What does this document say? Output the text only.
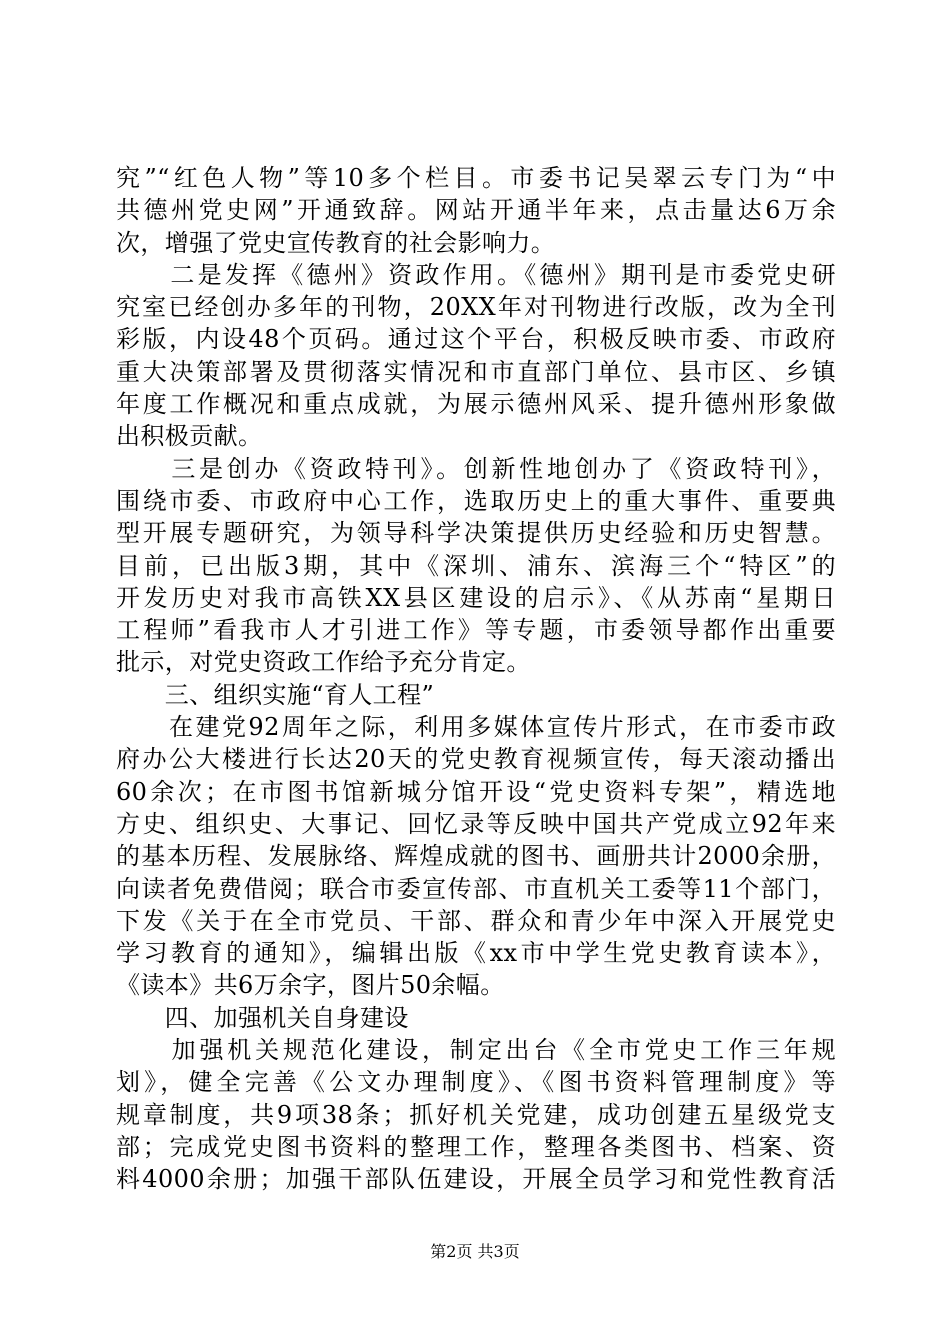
究”“红色人物”等10多个栏目。市委书记吴翠云专门为“中
共德州党史网”开通致辞。网站开通半年来，点击量达6万余
次，增强了党史宣传教育的社会影响力。
　　二是发挥《德州》资政作用。《德州》期刊是市委党史研
究室已经创办多年的刊物，20XX年对刊物进行改版，改为全刊
彩版，内设48个页码。通过这个平台，积极反映市委、市政府
重大决策部署及贯彻落实情况和市直部门单位、县市区、乡镇
年度工作概况和重点成就，为展示德州风采、提升德州形象做
出积极贡献。
　　三是创办《资政特刊》。创新性地创办了《资政特刊》，
围绕市委、市政府中心工作，选取历史上的重大事件、重要典
型开展专题研究，为领导科学决策提供历史经验和历史智慧。
目前，已出版3期，其中《深圳、浦东、滨海三个“特区”的
开发历史对我市高铁XX县区建设的启示》、《从苏南“星期日
工程师”看我市人才引进工作》等专题，市委领导都作出重要
批示，对党史资政工作给予充分肯定。
　　三、组织实施“育人工程”
　　在建党92周年之际，利用多媒体宣传片形式，在市委市政
府办公大楼进行长达20天的党史教育视频宣传，每天滚动播出
60余次；在市图书馆新城分馆开设“党史资料专架”，精选地
方史、组织史、大事记、回忆录等反映中国共产党成立92年来
的基本历程、发展脉络、辉煌成就的图书、画册共计2000余册，
向读者免费借阅；联合市委宣传部、市直机关工委等11个部门，
下发《关于在全市党员、干部、群众和青少年中深入开展党史
学习教育的通知》，编辑出版《xx市中学生党史教育读本》，
《读本》共6万余字，图片50余幅。
　　四、加强机关自身建设
　　加强机关规范化建设，制定出台《全市党史工作三年规
划》，健全完善《公文办理制度》、《图书资料管理制度》等
规章制度，共9项38条；抓好机关党建，成功创建五星级党支
部；完成党史图书资料的整理工作，整理各类图书、档案、资
料4000余册；加强干部队伍建设，开展全员学习和党性教育活
第2页 共3页
